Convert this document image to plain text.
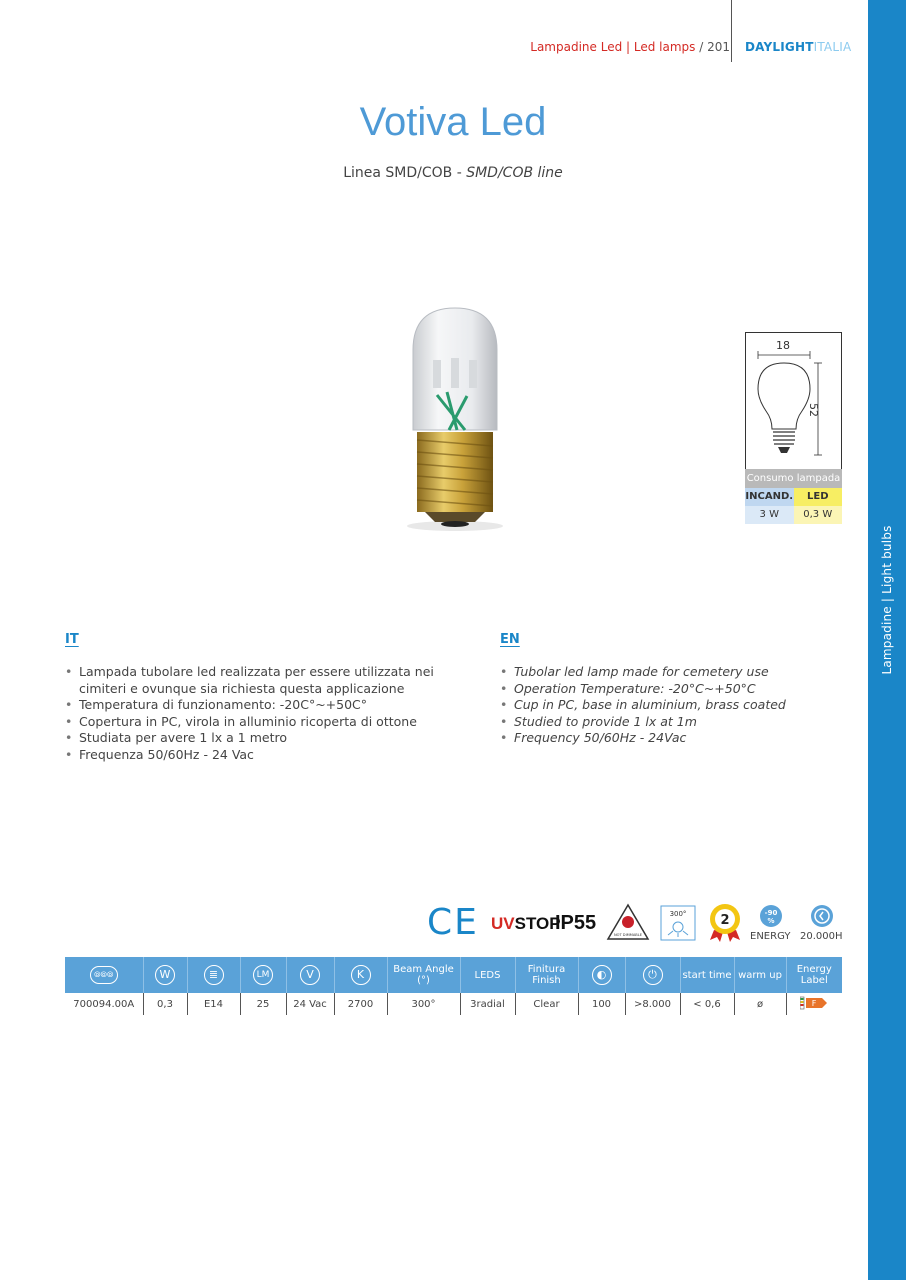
Lampadine | Light bulbs
Lampadine Led | Led lamps / 201 DAYLIGHTITALIA
Votiva Led
Linea SMD/COB - SMD/COB line
18
52
Consumo lampada
INCAND.	LED
3 W	0,3 W
IT
• Lampada tubolare led realizzata per essere utilizzata nei cimiteri e ovunque sia richiesta questa applicazione
• Temperatura di funzionamento: -20C°~+50C°
• Copertura in PC, virola in alluminio ricoperta di ottone
• Studiata per avere 1 lx a 1 metro
• Frequenza 50/60Hz - 24 Vac
EN
• Tubolar led lamp made for cemetery use
• Operation Temperature: -20°C~+50°C
• Cup in PC, base in aluminium, brass coated
• Studied to provide 1 lx at 1m
• Frequency 50/60Hz - 24Vac
CE UVSTOP
IP55
NOT DIMMABLE
300°	2	-90
%
ENERGY 20.000H
⦾⦾⦾	W	≣	LM	V	K	Beam Angle (°)	LEDS	Finitura Finish	◐	⏻	start time	warm up	Energy Label
700094.00A	0,3	E14	25	24 Vac	2700	300°	3radial	Clear	100	>8.000	< 0,6	ø	F
